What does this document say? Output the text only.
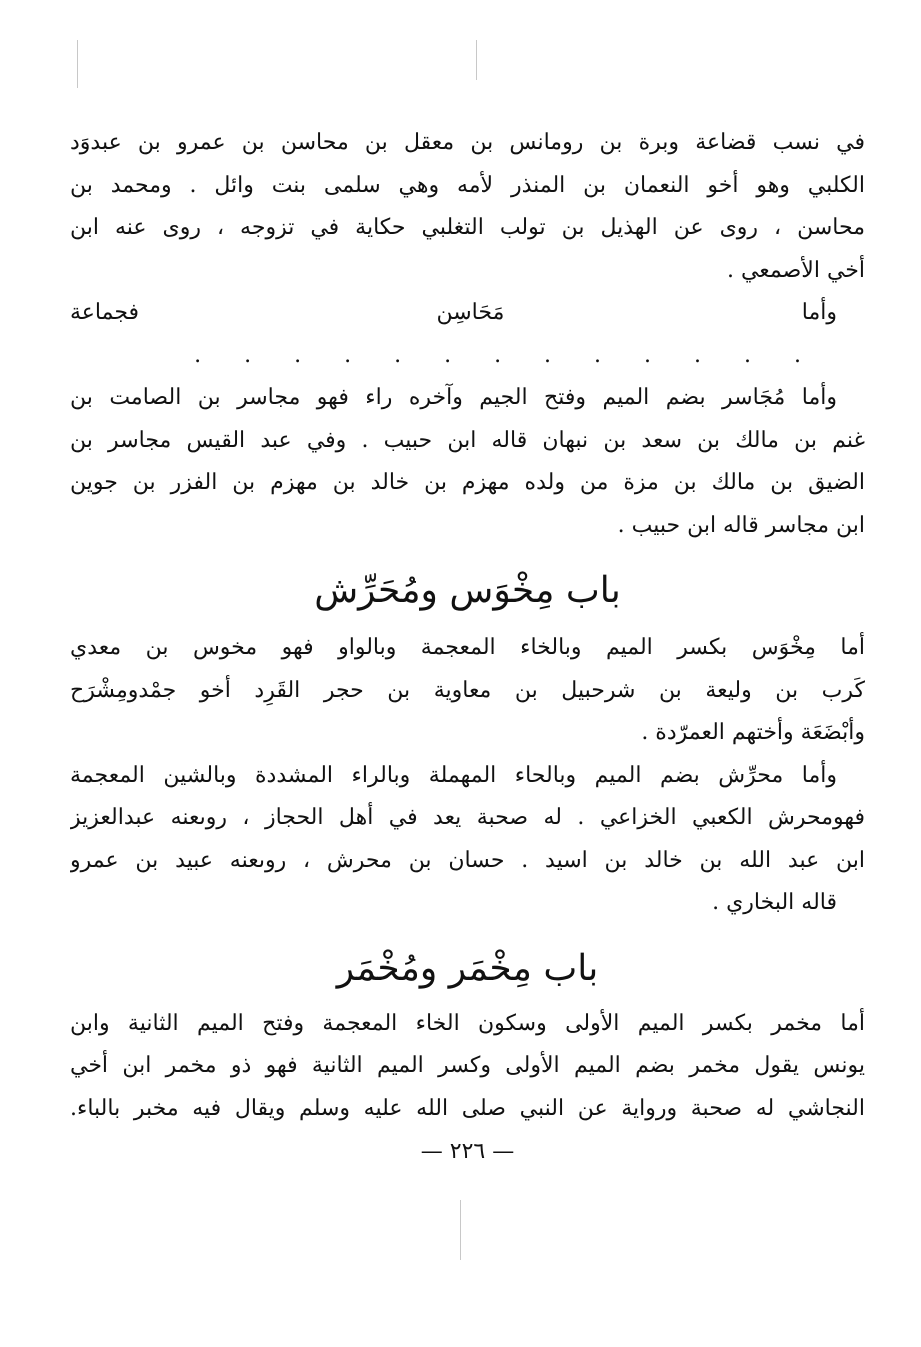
في نسب قضاعة وبرة بن رومانس بن معقل بن محاسن بن عمرو بن عبدوَد
الكلبي وهو أخو النعمان بن المنذر لأمه وهي سلمى بنت وائل . ومحمد بن
محاسن ، روى عن الهذيل بن تولب التغلبي حكاية في تزوجه ، روى عنه ابن
أخي الأصمعي .
وأما مَحَاسِن فجماعة . . . . . . . . . . . . .
وأما مُجَاسر بضم الميم وفتح الجيم وآخره راء فهو مجاسر بن الصامت بن
غنم بن مالك بن سعد بن نبهان قاله ابن حبيب . وفي عبد القيس مجاسر بن
الضيق بن مالك بن مزة من ولده مهزم بن خالد بن مهزم بن الفزر بن جوين
ابن مجاسر قاله ابن حبيب .
باب مِخْوَس ومُحَرِّش
أما مِخْوَس بكسر الميم وبالخاء المعجمة وبالواو فهو مخوس بن معدي
كَرب بن وليعة بن شرحبيل بن معاوية بن حجر القَرِد أخو جمْدومِشْرَح
وأبْضَعَة وأختهم العمرّدة .
وأما محرِّش بضم الميم وبالحاء المهملة وبالراء المشددة وبالشين المعجمة
فهومحرش الكعبي الخزاعي . له صحبة يعد في أهل الحجاز ، روىعنه عبدالعزيز
ابن عبد الله بن خالد بن اسيد . حسان بن محرش ، روىعنه عبيد بن عمرو
قاله البخاري .
باب مِخْمَر ومُخْمَر
أما مخمر بكسر الميم الأولى وسكون الخاء المعجمة وفتح الميم الثانية وابن
يونس يقول مخمر بضم الميم الأولى وكسر الميم الثانية فهو ذو مخمر ابن أخي
النجاشي له صحبة ورواية عن النبي صلى الله عليه وسلم ويقال فيه مخبر بالباء.

— ٢٢٦ —
